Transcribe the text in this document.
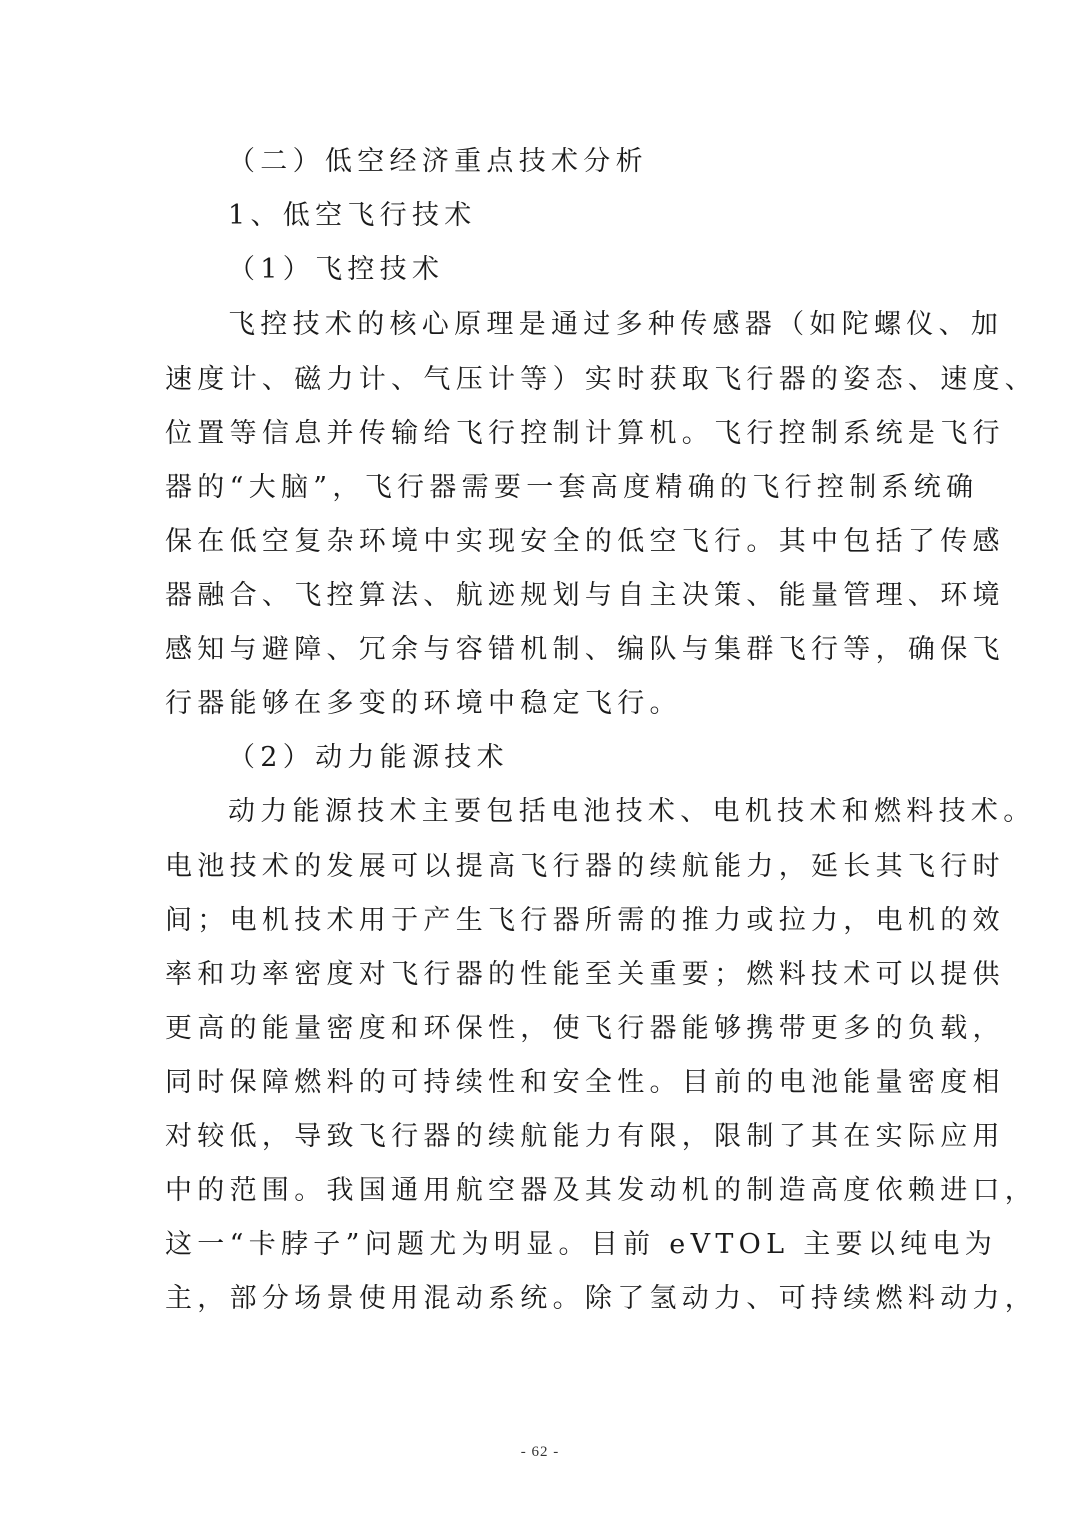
（二）低空经济重点技术分析
1、低空飞行技术
（1）飞控技术
飞控技术的核心原理是通过多种传感器（如陀螺仪、加
速度计、磁力计、气压计等）实时获取飞行器的姿态、速度、
位置等信息并传输给飞行控制计算机。飞行控制系统是飞行
器的“大脑”，飞行器需要一套高度精确的飞行控制系统确
保在低空复杂环境中实现安全的低空飞行。其中包括了传感
器融合、飞控算法、航迹规划与自主决策、能量管理、环境
感知与避障、冗余与容错机制、编队与集群飞行等，确保飞
行器能够在多变的环境中稳定飞行。
（2）动力能源技术
动力能源技术主要包括电池技术、电机技术和燃料技术。
电池技术的发展可以提高飞行器的续航能力，延长其飞行时
间；电机技术用于产生飞行器所需的推力或拉力，电机的效
率和功率密度对飞行器的性能至关重要；燃料技术可以提供
更高的能量密度和环保性，使飞行器能够携带更多的负载，
同时保障燃料的可持续性和安全性。目前的电池能量密度相
对较低，导致飞行器的续航能力有限，限制了其在实际应用
中的范围。我国通用航空器及其发动机的制造高度依赖进口，
这一“卡脖子”问题尤为明显。目前 eVTOL 主要以纯电为
主，部分场景使用混动系统。除了氢动力、可持续燃料动力，
- 62 -
